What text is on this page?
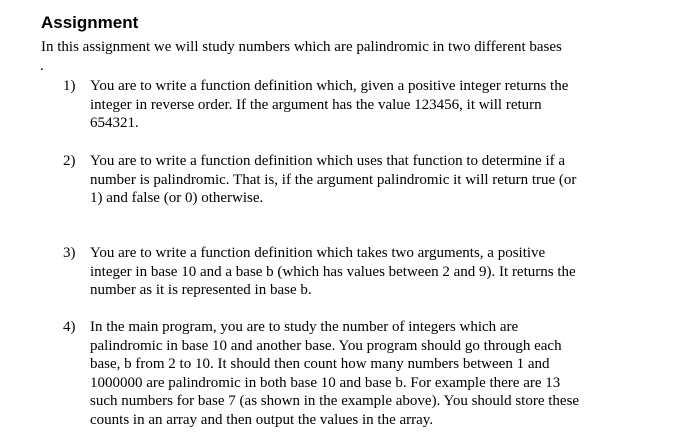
Assignment
In this assignment we will study numbers which are palindromic in two different bases
.
1) You are to write a function definition which, given a positive integer returns the
integer in reverse order. If the argument has the value 123456, it will return
654321.
2) You are to write a function definition which uses that function to determine if a
number is palindromic. That is, if the argument palindromic it will return true (or
1) and false (or 0) otherwise.
3) You are to write a function definition which takes two arguments, a positive
integer in base 10 and a base b (which has values between 2 and 9). It returns the
number as it is represented in base b.
4) In the main program, you are to study the number of integers which are
palindromic in base 10 and another base. You program should go through each
base, b from 2 to 10. It should then count how many numbers between 1 and
1000000 are palindromic in both base 10 and base b. For example there are 13
such numbers for base 7 (as shown in the example above). You should store these
counts in an array and then output the values in the array.
